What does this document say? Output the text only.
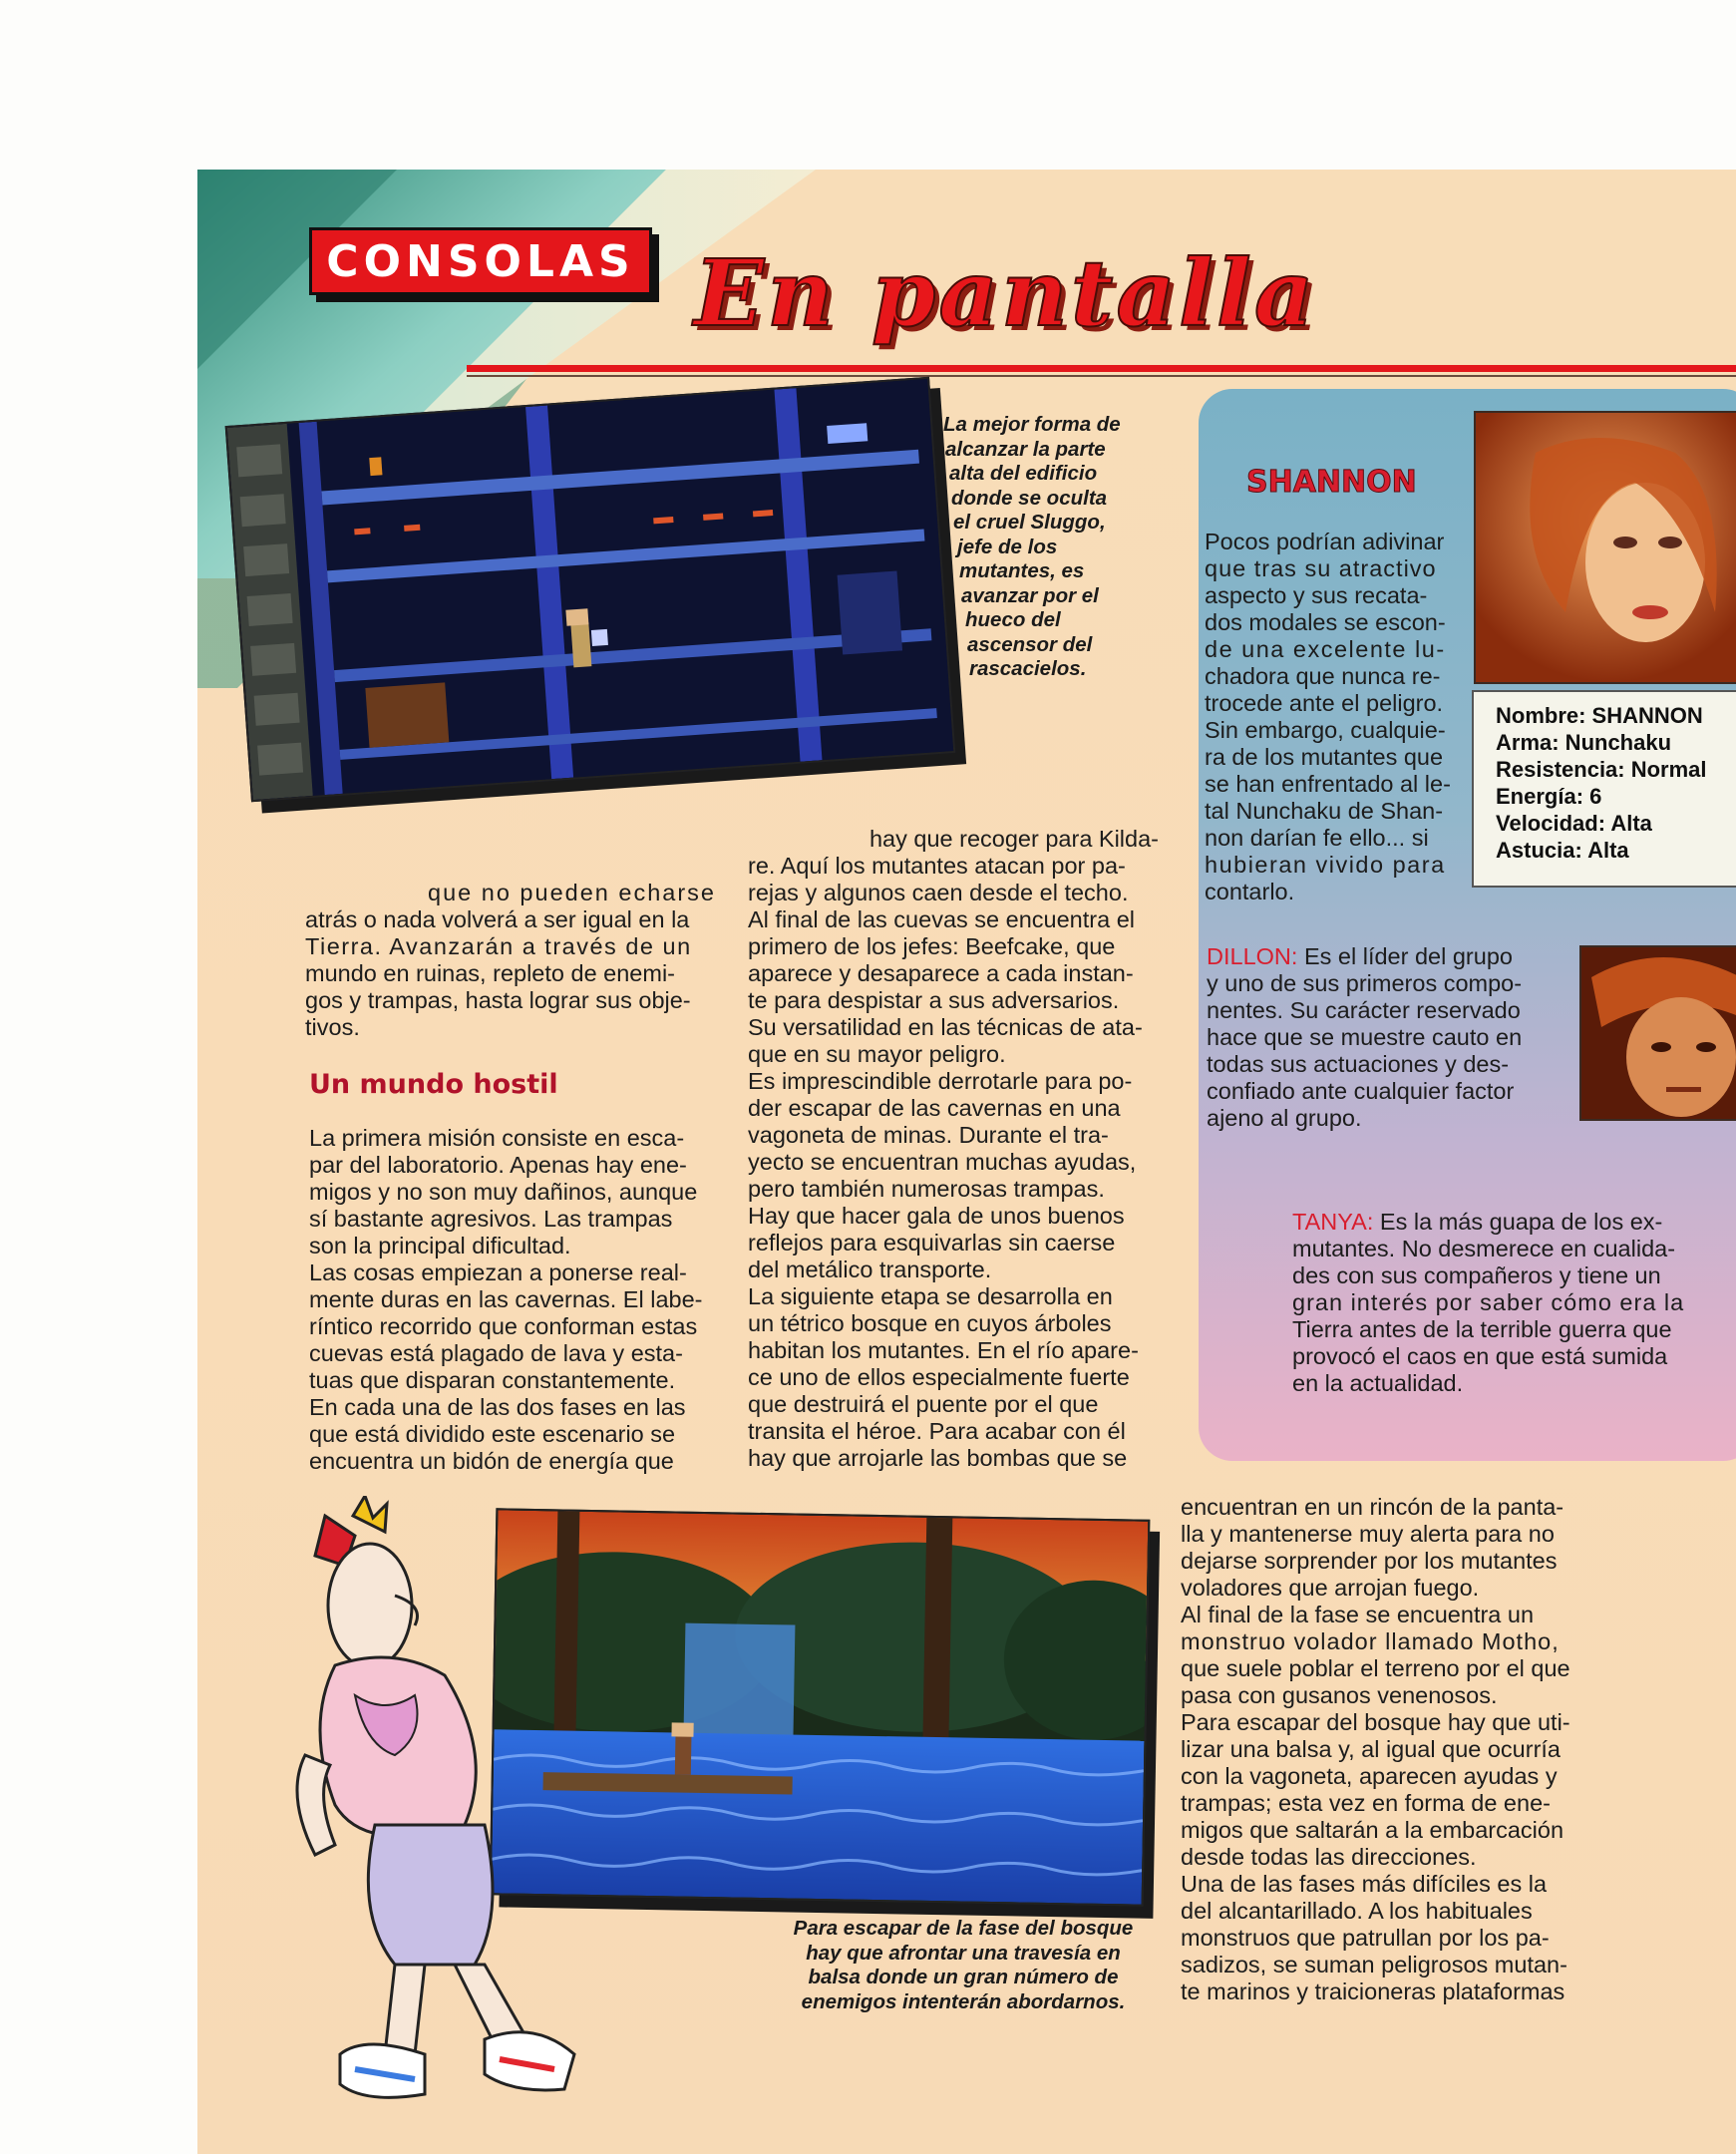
CONSOLAS En pantalla
La mejor forma de
alcanzar la parte
alta del edificio
donde se oculta
el cruel Sluggo,
jefe de los
mutantes, es
avanzar por el
hueco del
ascensor del
rascacielos.

que no pueden echarse

atrás o nada volverá a ser igual en la

Tierra. Avanzarán a través de un

mundo en ruinas, repleto de enemi-

gos y trampas, hasta lograr sus obje-

tivos.

Un mundo hostil

La primera misión consiste en esca-

par del laboratorio. Apenas hay ene-

migos y no son muy dañinos, aunque

sí bastante agresivos. Las trampas

son la principal dificultad.

Las cosas empiezan a ponerse real-

mente duras en las cavernas. El labe-

ríntico recorrido que conforman estas

cuevas está plagado de lava y esta-

tuas que disparan constantemente.

En cada una de las dos fases en las

que está dividido este escenario se

encuentra un bidón de energía que

hay que recoger para Kilda-

re. Aquí los mutantes atacan por pa-

rejas y algunos caen desde el techo.

Al final de las cuevas se encuentra el

primero de los jefes: Beefcake, que

aparece y desaparece a cada instan-

te para despistar a sus adversarios.

Su versatilidad en las técnicas de ata-

que en su mayor peligro.

Es imprescindible derrotarle para po-

der escapar de las cavernas en una

vagoneta de minas. Durante el tra-

yecto se encuentran muchas ayudas,

pero también numerosas trampas.

Hay que hacer gala de unos buenos

reflejos para esquivarlas sin caerse

del metálico transporte.

La siguiente etapa se desarrolla en

un tétrico bosque en cuyos árboles

habitan los mutantes. En el río apare-

ce uno de ellos especialmente fuerte

que destruirá el puente por el que

transita el héroe. Para acabar con él

hay que arrojarle las bombas que se

SHANNON

Pocos podrían adivinar

que tras su atractivo

aspecto y sus recata-

dos modales se escon-

de una excelente lu-

chadora que nunca re-

trocede ante el peligro.

Sin embargo, cualquie-

ra de los mutantes que

se han enfrentado al le-

tal Nunchaku de Shan-

non darían fe ello... si

hubieran vivido para

contarlo.

Nombre: SHANNON
Arma: Nunchaku
Resistencia: Normal
Energía: 6
Velocidad: Alta
Astucia: Alta

DILLON: Es el líder del grupo

y uno de sus primeros compo-

nentes. Su carácter reservado

hace que se muestre cauto en

todas sus actuaciones y des-

confiado ante cualquier factor

ajeno al grupo.

TANYA: Es la más guapa de los ex-

mutantes. No desmerece en cualida-

des con sus compañeros y tiene un

gran interés por saber cómo era la

Tierra antes de la terrible guerra que

provocó el caos en que está sumida

en la actualidad.

encuentran en un rincón de la panta-

lla y mantenerse muy alerta para no

dejarse sorprender por los mutantes

voladores que arrojan fuego.

Al final de la fase se encuentra un

monstruo volador llamado Motho,

que suele poblar el terreno por el que

pasa con gusanos venenosos.

Para escapar del bosque hay que uti-

lizar una balsa y, al igual que ocurría

con la vagoneta, aparecen ayudas y

trampas; esta vez en forma de ene-

migos que saltarán a la embarcación

desde todas las direcciones.

Una de las fases más difíciles es la

del alcantarillado. A los habituales

monstruos que patrullan por los pa-

sadizos, se suman peligrosos mutan-

te marinos y traicioneras plataformas

Para escapar de la fase del bosque
hay que afrontar una travesía en
balsa donde un gran número de
enemigos intenterán abordarnos.
